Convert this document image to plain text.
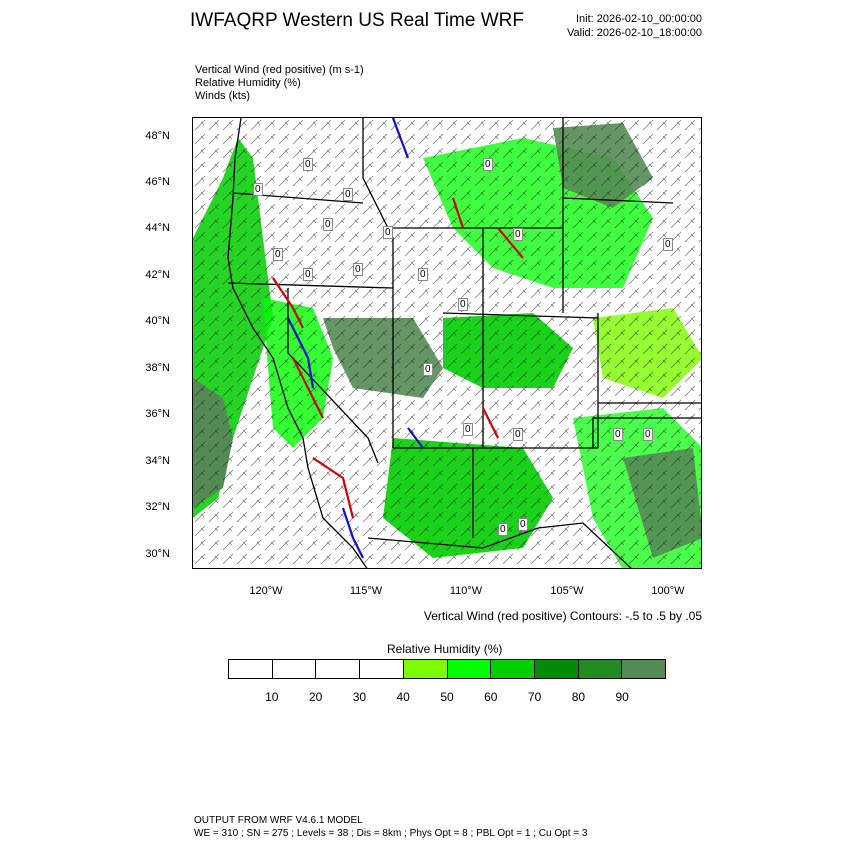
IWFAQRP Western US Real Time WRF	Init: 2026-02-10_00:00:00
Valid: 2026-02-10_18:00:00
Vertical Wind (red positive) (m s-1)
Relative Humidity (%)
Winds (kts)
0
0
0
0
0
0
0	0	0
0
0
0
0
0
0
0	0 0
0 0
48°N
46°N
44°N
42°N
40°N
38°N
36°N
34°N
32°N
30°N
120°W	115°W	110°W	105°W	100°W
Vertical Wind (red positive) Contours: -.5 to .5 by .05
Relative Humidity (%)
10	20	30	40	50	60	70	80	90
OUTPUT FROM WRF V4.6.1 MODEL
WE = 310 ; SN = 275 ; Levels = 38 ; Dis = 8km ; Phys Opt = 8 ; PBL Opt = 1 ; Cu Opt = 3
